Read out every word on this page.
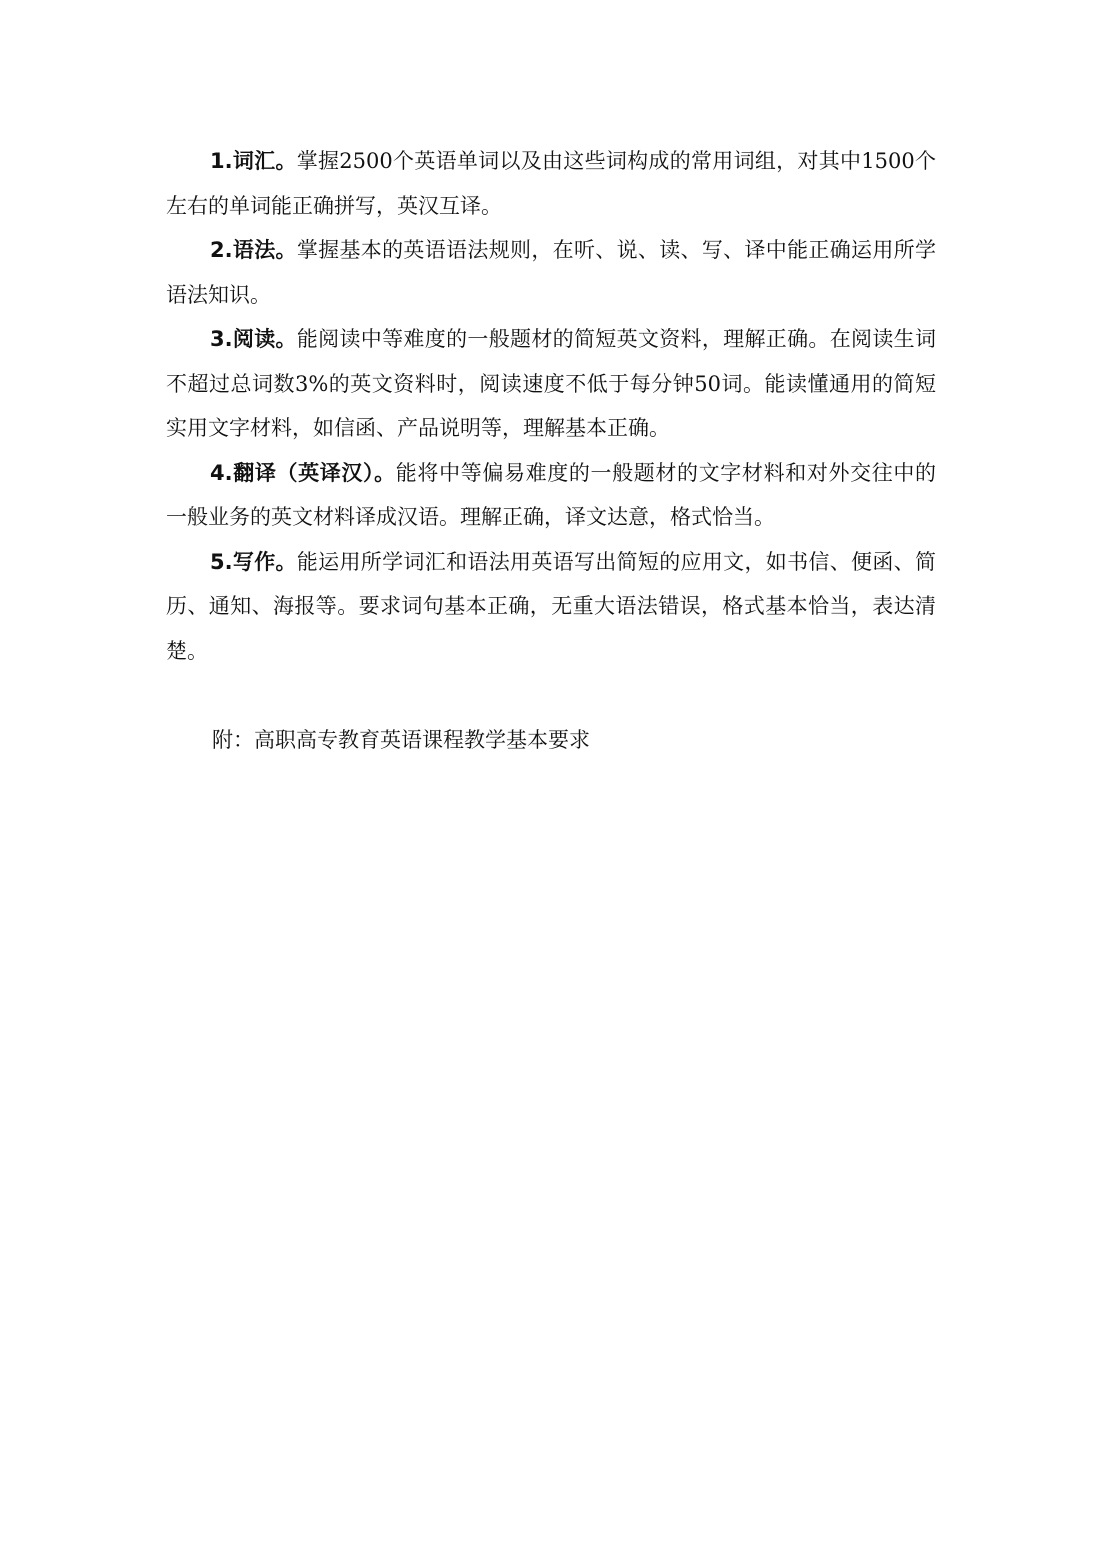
1.词汇。掌握2500个英语单词以及由这些词构成的常用词组，对其中1500个左右的单词能正确拼写，英汉互译。

2.语法。掌握基本的英语语法规则，在听、说、读、写、译中能正确运用所学语法知识。

3.阅读。能阅读中等难度的一般题材的简短英文资料，理解正确。在阅读生词不超过总词数3%的英文资料时，阅读速度不低于每分钟50词。能读懂通用的简短实用文字材料，如信函、产品说明等，理解基本正确。

4.翻译（英译汉）。能将中等偏易难度的一般题材的文字材料和对外交往中的一般业务的英文材料译成汉语。理解正确，译文达意，格式恰当。

5.写作。能运用所学词汇和语法用英语写出简短的应用文，如书信、便函、简历、通知、海报等。要求词句基本正确，无重大语法错误，格式基本恰当，表达清楚。

附：高职高专教育英语课程教学基本要求
